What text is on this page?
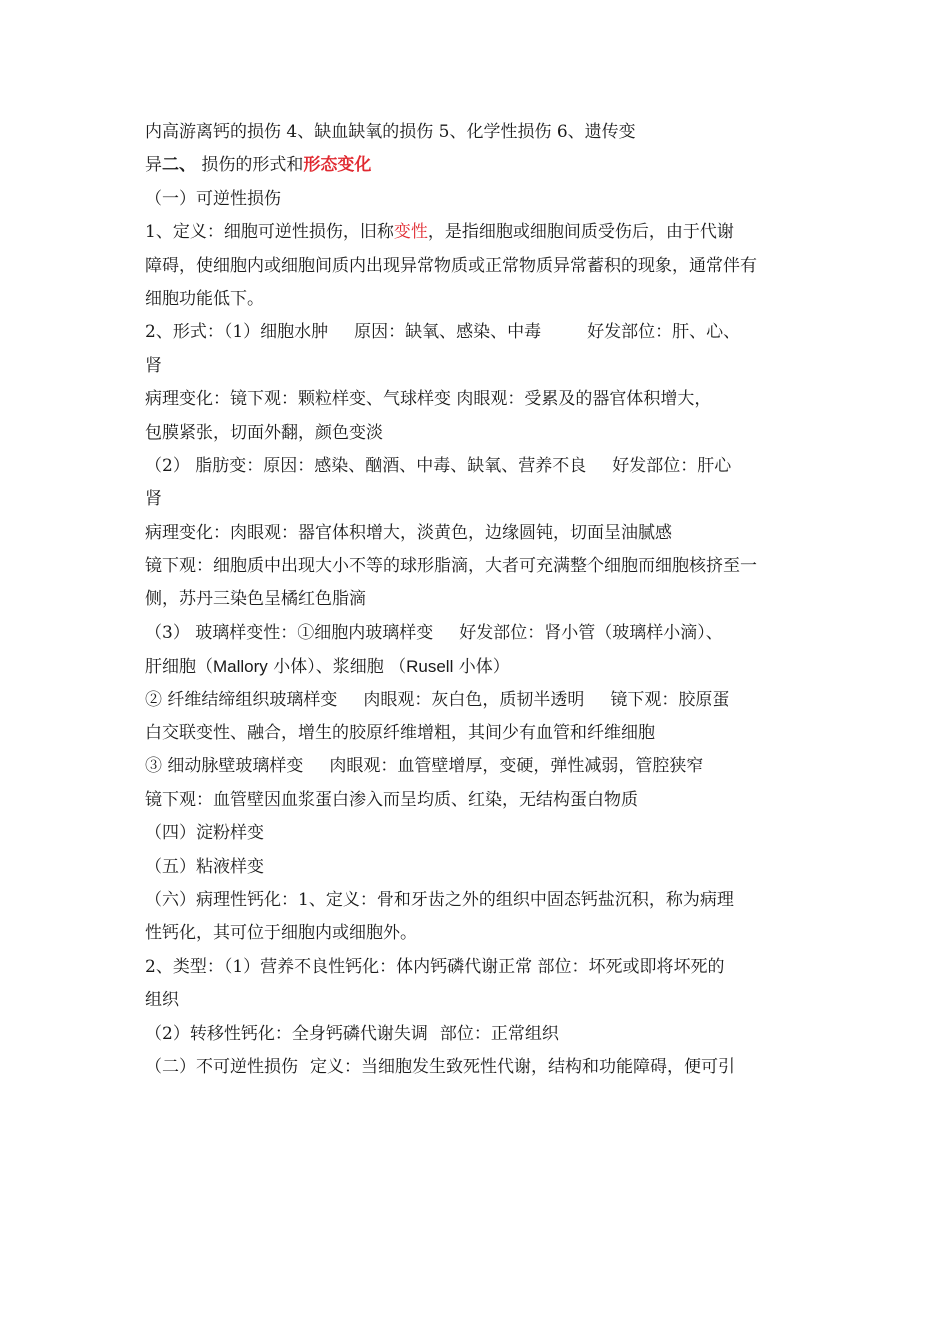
内高游离钙的损伤 4、缺血缺氧的损伤 5、化学性损伤 6、遗传变
异二、 损伤的形式和形态变化
（一）可逆性损伤
1、定义：细胞可逆性损伤，旧称变性，是指细胞或细胞间质受伤后，由于代谢
障碍，使细胞内或细胞间质内出现异常物质或正常物质异常蓄积的现象，通常伴有
细胞功能低下。
2、形式：（1）细胞水肿 原因：缺氧、感染、中毒	好发部位：肝、心、
肾
病理变化：镜下观：颗粒样变、气球样变 肉眼观：受累及的器官体积增大，
包膜紧张，切面外翻，颜色变淡
（2） 脂肪变：原因：感染、酗酒、中毒、缺氧、营养不良 好发部位：肝心
肾
病理变化：肉眼观：器官体积增大，淡黄色，边缘圆钝，切面呈油腻感
镜下观：细胞质中出现大小不等的球形脂滴，大者可充满整个细胞而细胞核挤至一
侧，苏丹三染色呈橘红色脂滴
（3） 玻璃样变性：①细胞内玻璃样变 好发部位：肾小管（玻璃样小滴）、
肝细胞（Mallory 小体）、浆细胞 （Rusell 小体）
② 纤维结缔组织玻璃样变 肉眼观：灰白色，质韧半透明 镜下观：胶原蛋
白交联变性、融合，增生的胶原纤维增粗，其间少有血管和纤维细胞
③ 细动脉壁玻璃样变 肉眼观：血管壁增厚，变硬，弹性减弱，管腔狭窄
镜下观：血管壁因血浆蛋白渗入而呈均质、红染，无结构蛋白物质
（四）淀粉样变
（五）粘液样变
（六）病理性钙化：1、定义：骨和牙齿之外的组织中固态钙盐沉积，称为病理
性钙化，其可位于细胞内或细胞外。
2、类型：（1）营养不良性钙化：体内钙磷代谢正常 部位：坏死或即将坏死的
组织
（2）转移性钙化：全身钙磷代谢失调 部位：正常组织
（二）不可逆性损伤 定义：当细胞发生致死性代谢，结构和功能障碍，便可引
